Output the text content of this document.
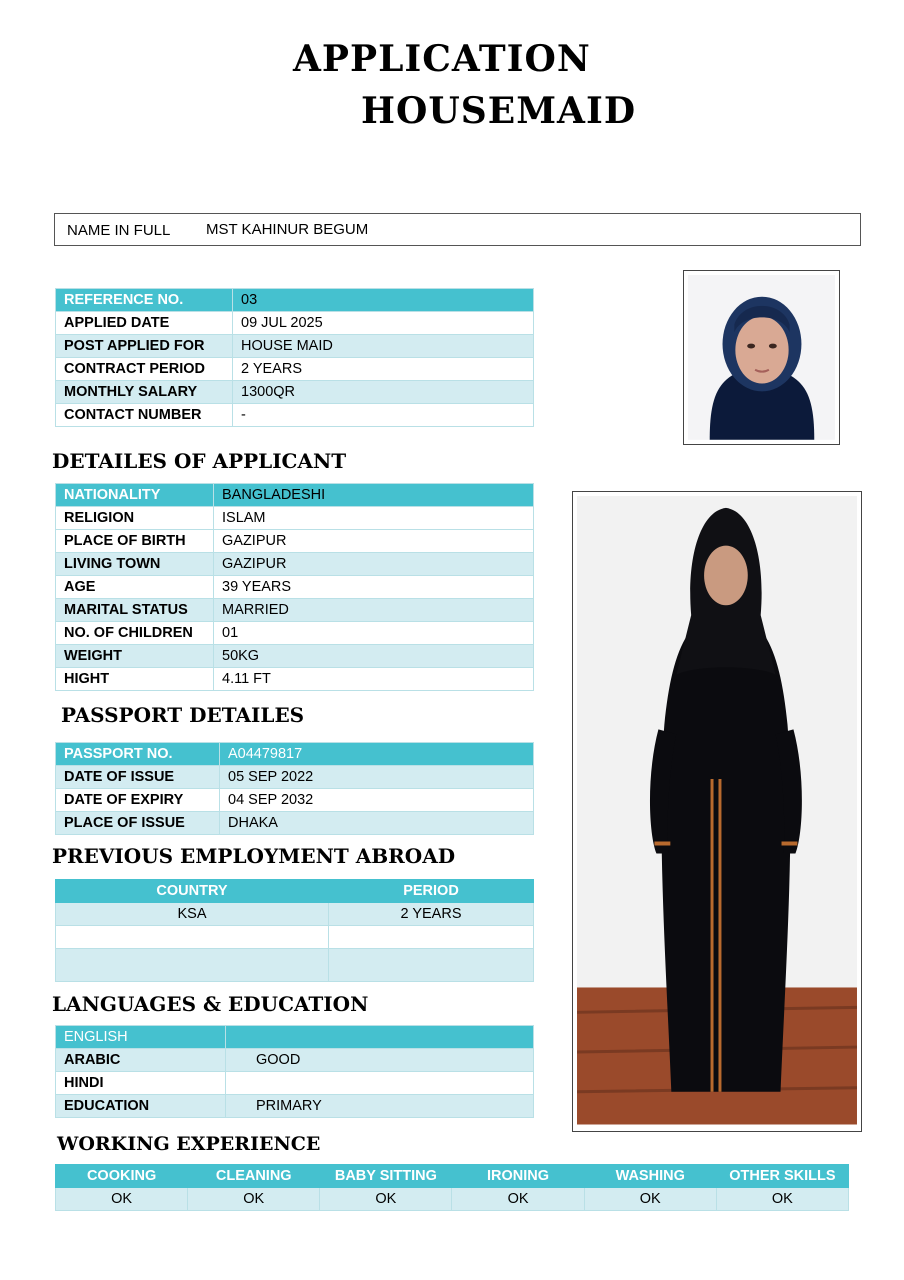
APPLICATION
HOUSEMAID
NAME IN FULL MST KAHINUR BEGUM
REFERENCE NO.	03
APPLIED DATE	09 JUL 2025
POST APPLIED FOR	HOUSE MAID
CONTRACT PERIOD	2 YEARS
MONTHLY SALARY	1300QR
CONTACT NUMBER	-
DETAILES OF APPLICANT
NATIONALITY	BANGLADESHI
RELIGION	ISLAM
PLACE OF BIRTH	GAZIPUR
LIVING TOWN	GAZIPUR
AGE	39 YEARS
MARITAL STATUS	MARRIED
NO. OF CHILDREN	01
WEIGHT	50KG
HIGHT	4.11 FT
PASSPORT DETAILES
PASSPORT NO.	A04479817
DATE OF ISSUE	05 SEP 2022
DATE OF EXPIRY	04 SEP 2032
PLACE OF ISSUE	DHAKA
PREVIOUS EMPLOYMENT ABROAD
COUNTRY	PERIOD
KSA	2 YEARS

LANGUAGES & EDUCATION
ENGLISH	
ARABIC	GOOD
HINDI	
EDUCATION	PRIMARY
WORKING EXPERIENCE
COOKING	CLEANING	BABY SITTING	IRONING	WASHING	OTHER SKILLS
OK	OK	OK	OK	OK	OK
